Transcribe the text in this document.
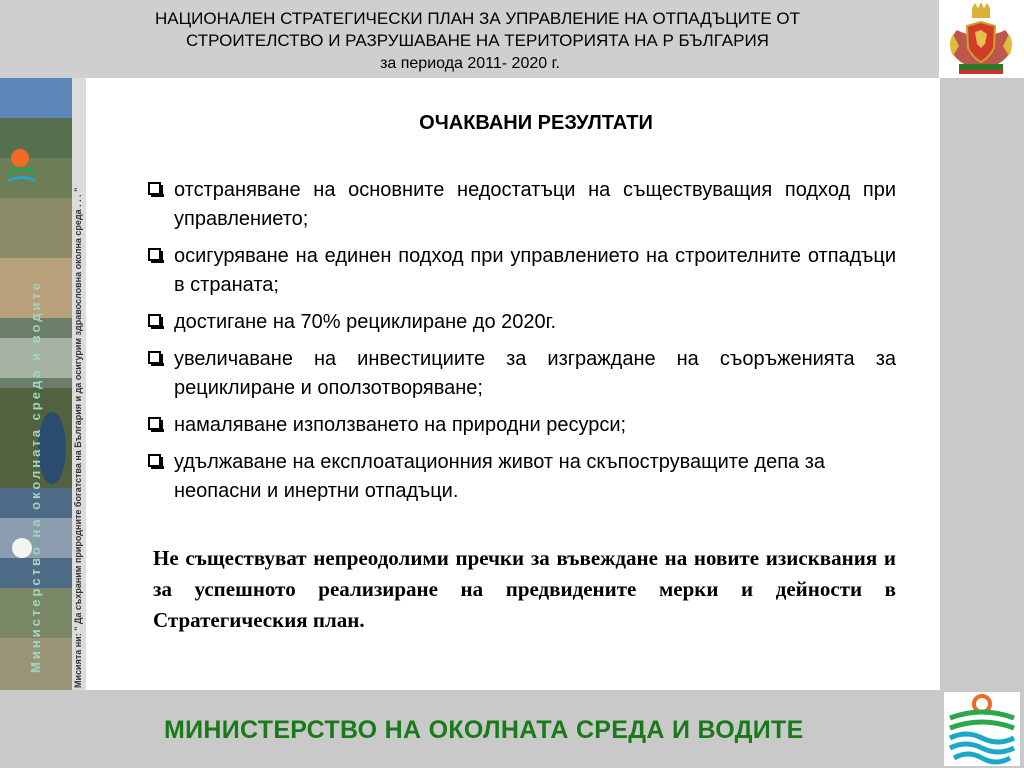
НАЦИОНАЛЕН СТРАТЕГИЧЕСКИ ПЛАН ЗА УПРАВЛЕНИЕ НА ОТПАДЪЦИТЕ ОТ
СТРОИТЕЛСТВО И РАЗРУШАВАНЕ НА ТЕРИТОРИЯТА НА Р БЪЛГАРИЯ
за периода 2011- 2020 г.
Министерство на околната среда и водите	Мисията ни: " Да съхраним природните богатства на България и да осигурим здравословна околна среда . . . "
ОЧАКВАНИ РЕЗУЛТАТИ
отстраняване на основните недостатъци на съществуващия подход при управлението;
осигуряване на единен подход при управлението на строителните отпадъци в страната;
достигане на 70% рециклиране до 2020г.
увеличаване на инвестициите за изграждане на съоръженията за рециклиране и оползотворяване;
намаляване използването на природни ресурси;
удължаване на експлоатационния живот на скъпоструващите депа за неопасни и инертни отпадъци.
Не съществуват непреодолими пречки за въвеждане на новите изисквания и за успешното реализиране на предвидените мерки и дейности в Стратегическия план.
МИНИСТЕРСТВО НА ОКОЛНАТА СРЕДА И ВОДИТЕ
